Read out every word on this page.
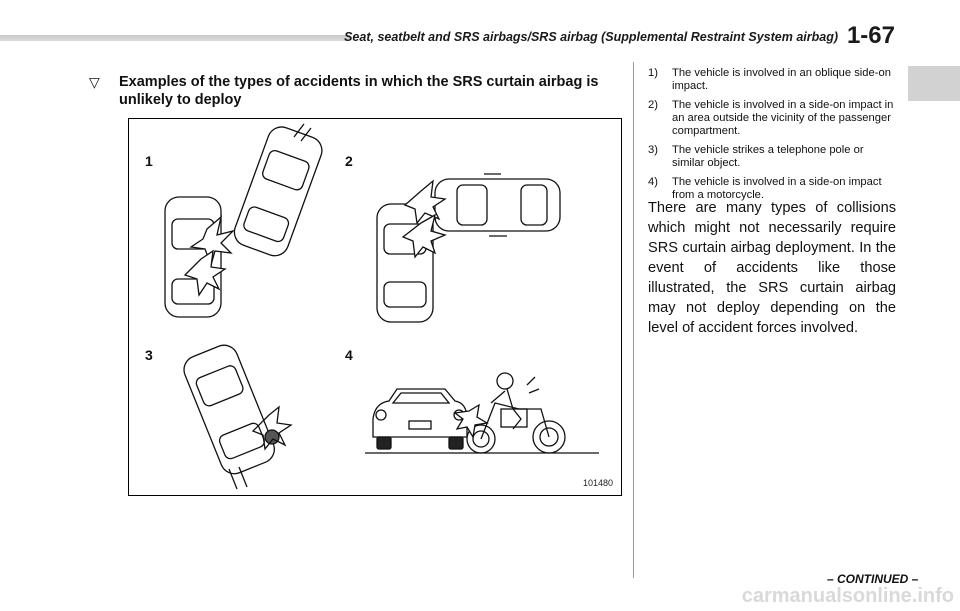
Seat, seatbelt and SRS airbags/SRS airbag (Supplemental Restraint System airbag) 1-67
▽ Examples of the types of accidents in which the SRS curtain airbag is unlikely to deploy
1	2
3	4
101480
1) The vehicle is involved in an oblique side-on impact.
2) The vehicle is involved in a side-on impact in an area outside the vicinity of the passenger compartment.
3) The vehicle strikes a telephone pole or similar object.
4) The vehicle is involved in a side-on impact from a motorcycle.
There are many types of collisions which might not necessarily require SRS curtain airbag deployment. In the event of accidents like those illustrated, the SRS curtain airbag may not deploy depending on the level of accident forces involved.
– CONTINUED –
carmanualsonline.info
